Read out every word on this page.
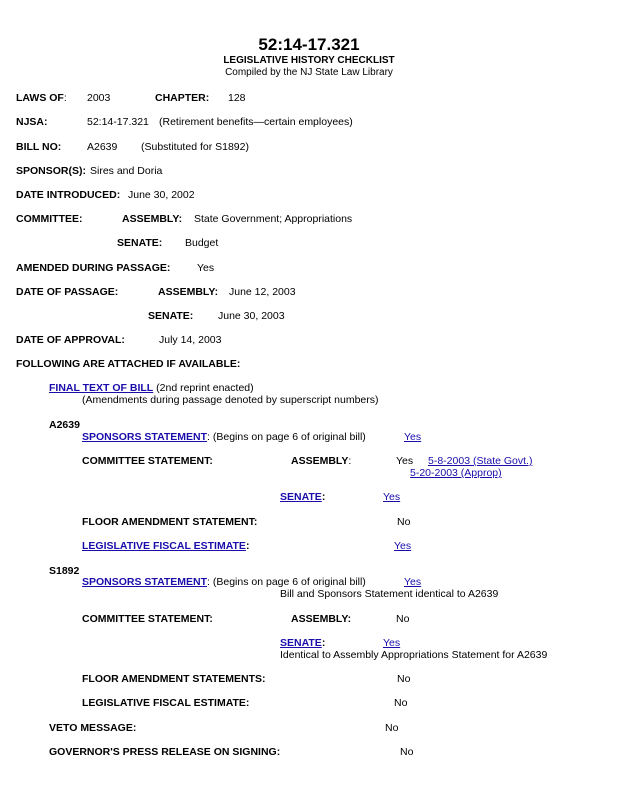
52:14-17.321
LEGISLATIVE HISTORY CHECKLIST
Compiled by the NJ State Law Library
LAWS OF: 2003	CHAPTER: 128
NJSA:	52:14-17.321 (Retirement benefits—certain employees)
BILL NO: A2639 (Substituted for S1892)
SPONSOR(S): Sires and Doria
DATE INTRODUCED: June 30, 2002
COMMITTEE:	ASSEMBLY: State Government; Appropriations
SENATE: Budget
AMENDED DURING PASSAGE:	Yes
DATE OF PASSAGE:	ASSEMBLY: June 12, 2003
SENATE: June 30, 2003
DATE OF APPROVAL:	July 14, 2003
FOLLOWING ARE ATTACHED IF AVAILABLE:
FINAL TEXT OF BILL (2nd reprint enacted)
(Amendments during passage denoted by superscript numbers)
A2639
SPONSORS STATEMENT: (Begins on page 6 of original bill)	Yes
COMMITTEE STATEMENT:	ASSEMBLY:	Yes 5-8-2003 (State Govt.)
5-20-2003 (Approp)
SENATE:	Yes
FLOOR AMENDMENT STATEMENT:	No
LEGISLATIVE FISCAL ESTIMATE:	Yes
S1892
SPONSORS STATEMENT: (Begins on page 6 of original bill)	Yes
Bill and Sponsors Statement identical to A2639
COMMITTEE STATEMENT:	ASSEMBLY:	No
SENATE:	Yes
Identical to Assembly Appropriations Statement for A2639
FLOOR AMENDMENT STATEMENTS:	No
LEGISLATIVE FISCAL ESTIMATE:	No
VETO MESSAGE:	No
GOVERNOR'S PRESS RELEASE ON SIGNING:	No
